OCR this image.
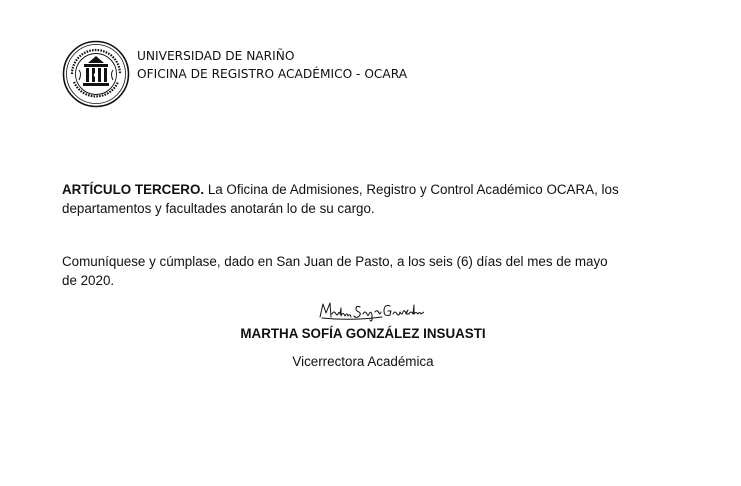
UNIVERSIDAD DE NARIÑO
OFICINA DE REGISTRO ACADÉMICO - OCARA
ARTÍCULO TERCERO. La Oficina de Admisiones, Registro y Control Académico OCARA, los
departamentos y facultades anotarán lo de su cargo.
Comuníquese y cúmplase, dado en San Juan de Pasto, a los seis (6) días del mes de mayo
de 2020.
MARTHA SOFÍA GONZÁLEZ INSUASTI
Vicerrectora Académica
